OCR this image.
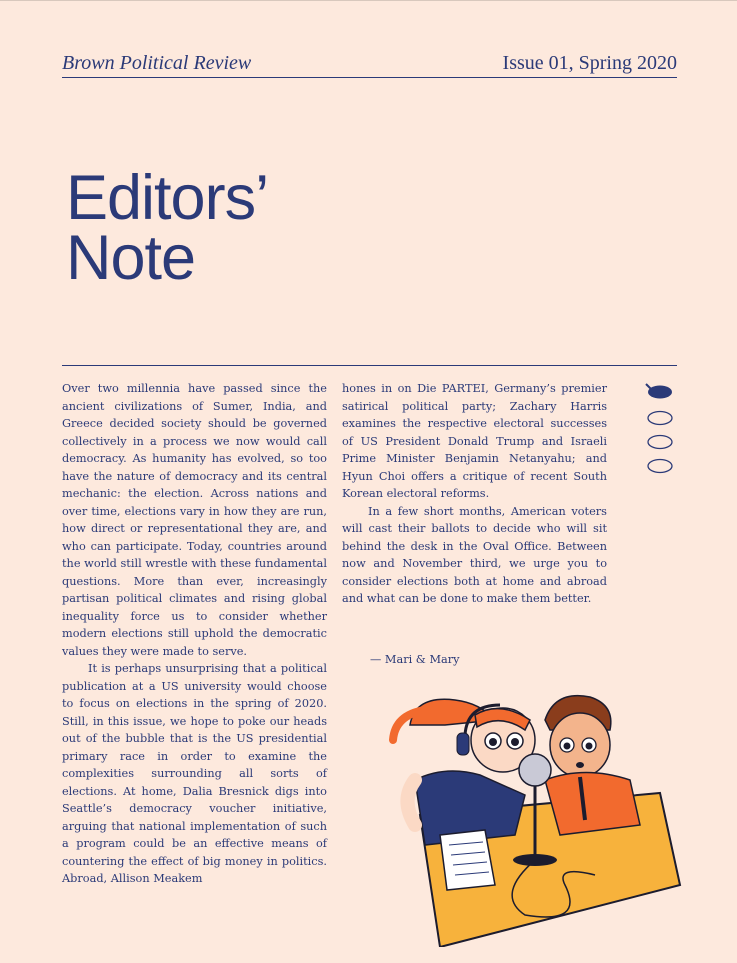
Brown Political Review	Issue 01, Spring 2020
Editors’
Note

Over two millennia have passed since the ancient civilizations of Sumer, India, and Greece decided society should be governed collectively in a process we now would call democracy. As humanity has evolved, so too have the nature of democracy and its central mechanic: the election. Across nations and over time, elections vary in how they are run, how direct or representational they are, and who can participate. Today, countries around the world still wrestle with these fundamental questions. More than ever, increasingly partisan political climates and rising global inequality force us to consider whether modern elections still uphold the democratic values they were made to serve.

It is perhaps unsurprising that a political publication at a US university would choose to focus on elections in the spring of 2020. Still, in this issue, we hope to poke our heads out of the bubble that is the US presidential primary race in order to examine the complexities surrounding all sorts of elections. At home, Dalia Bresnick digs into Seattle’s democracy voucher initiative, arguing that national implementation of such a program could be an effective means of countering the effect of big money in politics. Abroad, Allison Meakem

hones in on Die PARTEI, Germany’s premier satirical political party; Zachary Harris examines the respective electoral successes of US President Donald Trump and Israeli Prime Minister Benjamin Netanyahu; and Hyun Choi offers a critique of recent South Korean electoral reforms.

In a few short months, American voters will cast their ballots to decide who will sit behind the desk in the Oval Office. Between now and November third, we urge you to consider elections both at home and abroad and what can be done to make them better.

— Mari & Mary
